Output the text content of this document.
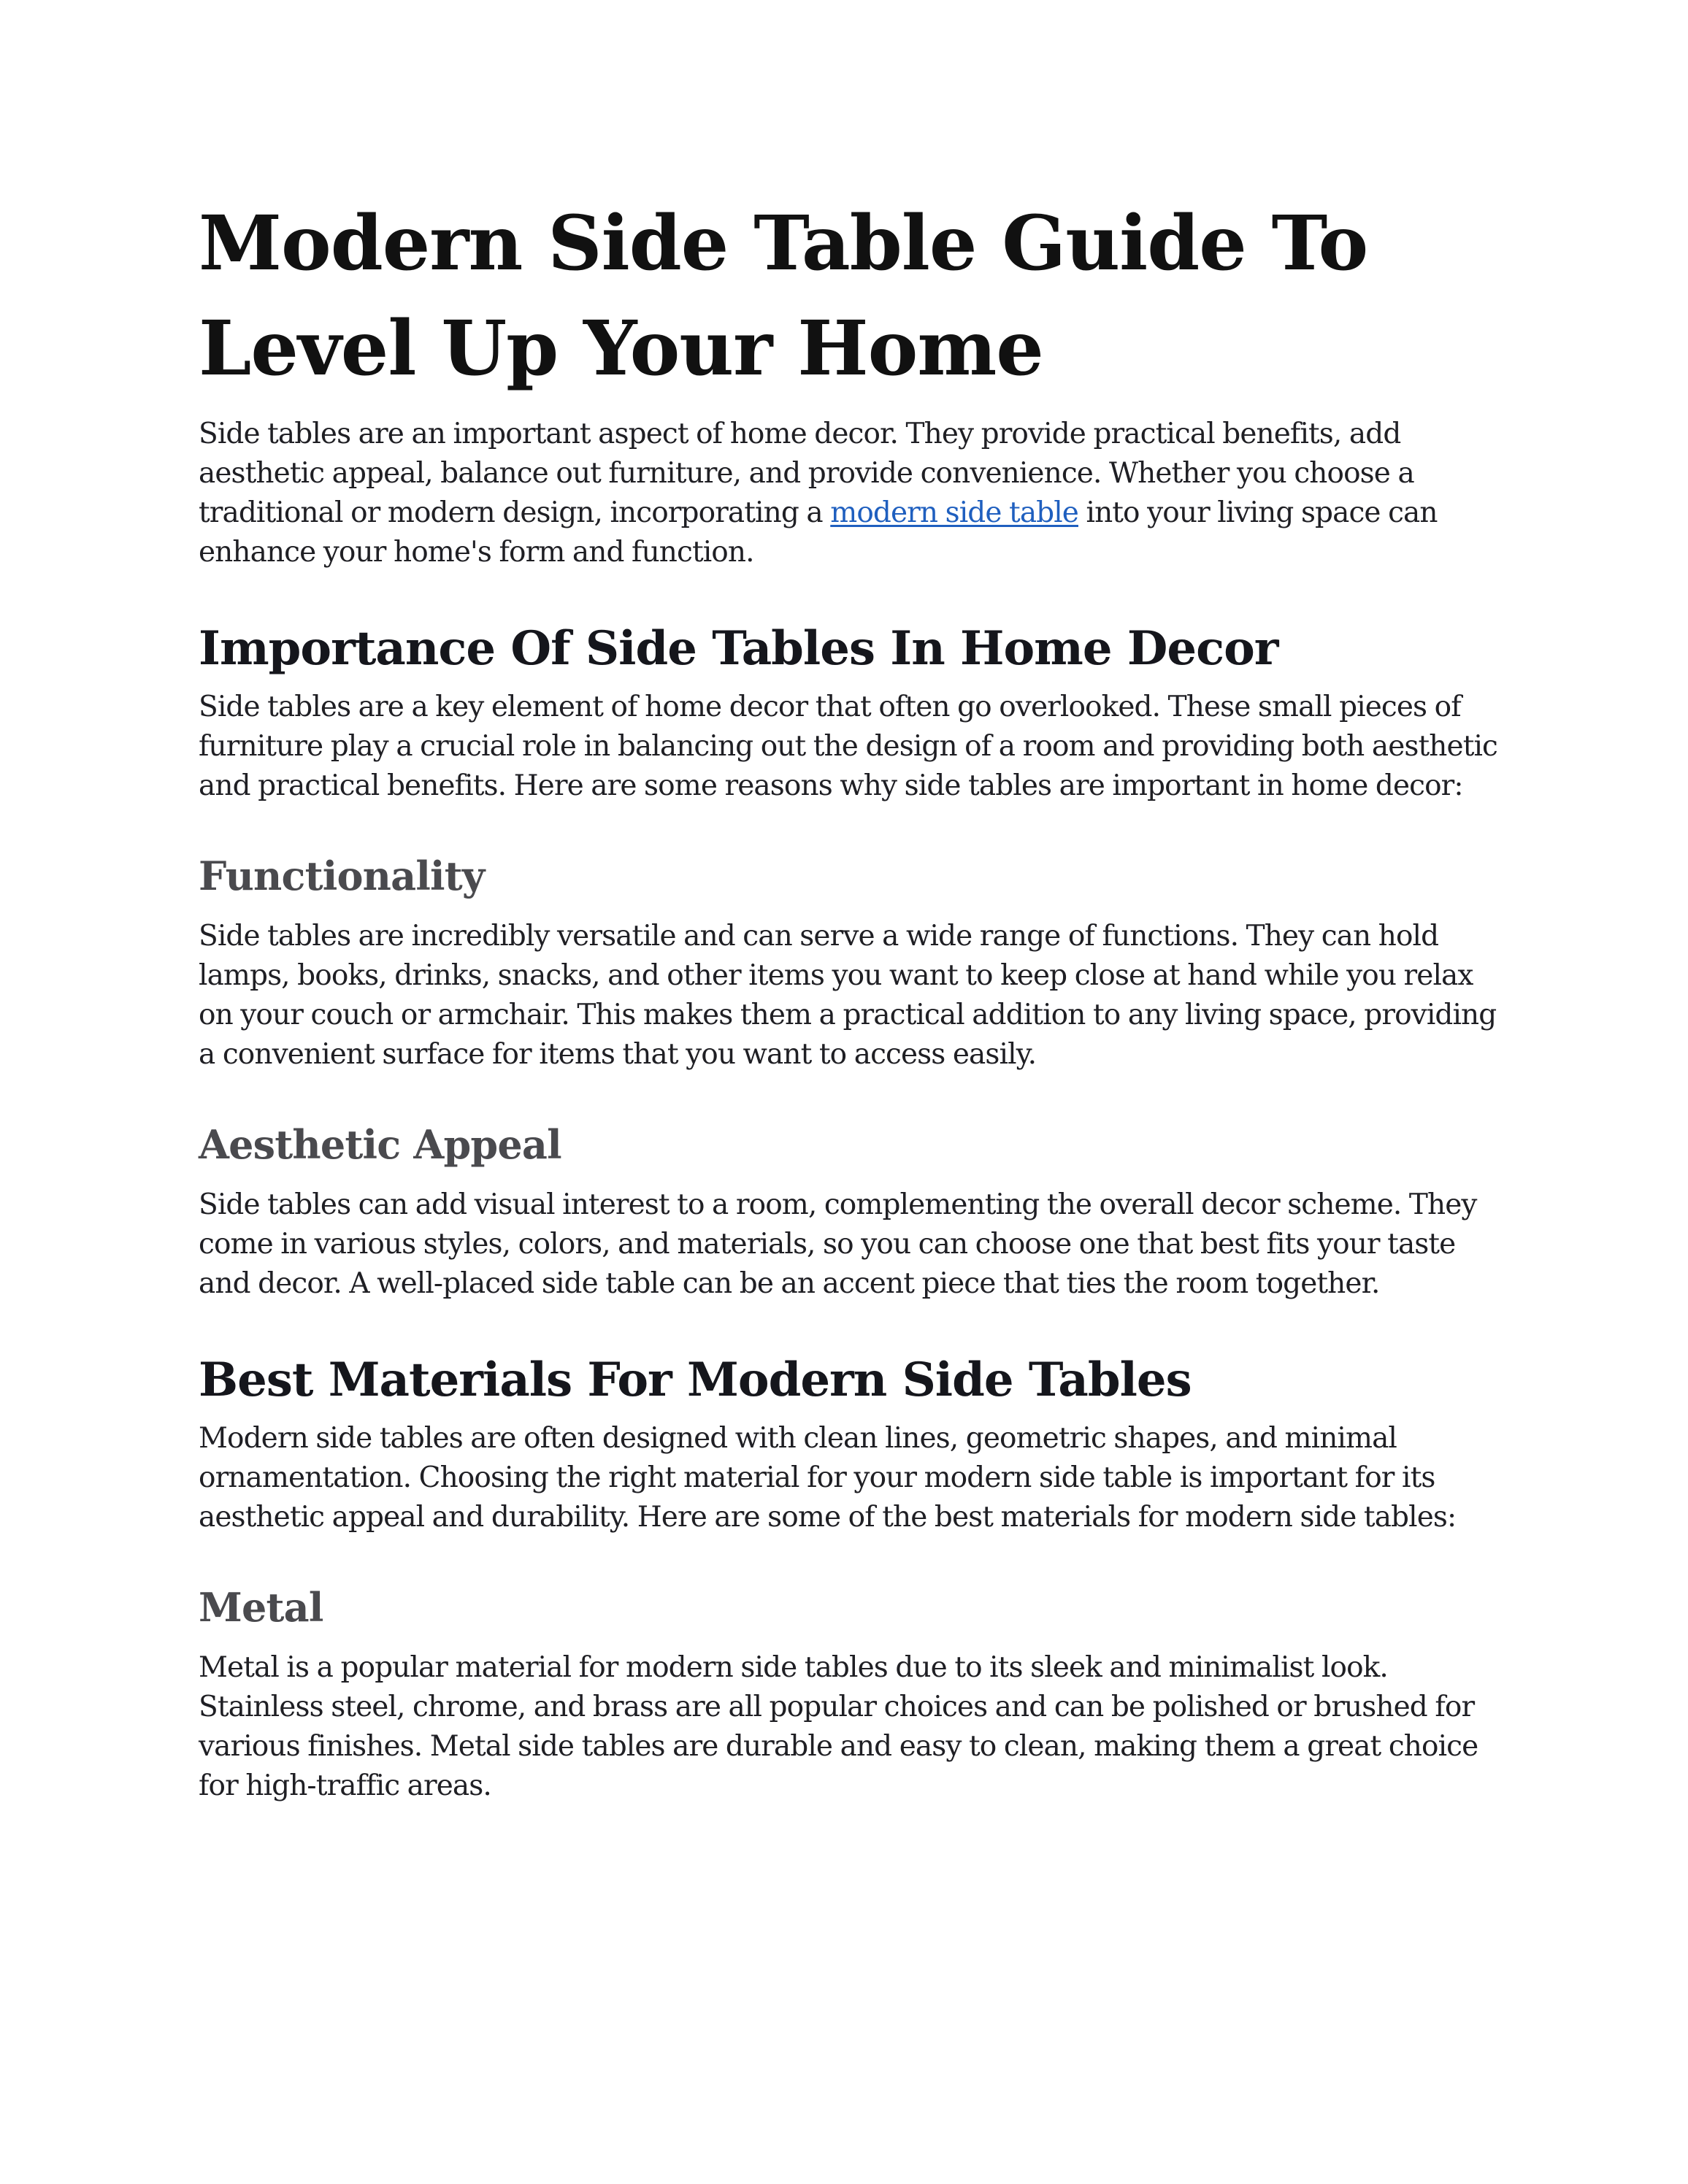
Modern Side Table Guide To Level Up Your Home

Side tables are an important aspect of home decor. They provide practical benefits, add aesthetic appeal, balance out furniture, and provide convenience. Whether you choose a traditional or modern design, incorporating a modern side table into your living space can enhance your home's form and function.

Importance Of Side Tables In Home Decor

Side tables are a key element of home decor that often go overlooked. These small pieces of furniture play a crucial role in balancing out the design of a room and providing both aesthetic and practical benefits. Here are some reasons why side tables are important in home decor:

Functionality

Side tables are incredibly versatile and can serve a wide range of functions. They can hold lamps, books, drinks, snacks, and other items you want to keep close at hand while you relax on your couch or armchair. This makes them a practical addition to any living space, providing a convenient surface for items that you want to access easily.

Aesthetic Appeal

Side tables can add visual interest to a room, complementing the overall decor scheme. They come in various styles, colors, and materials, so you can choose one that best fits your taste and decor. A well-placed side table can be an accent piece that ties the room together.

Best Materials For Modern Side Tables

Modern side tables are often designed with clean lines, geometric shapes, and minimal ornamentation. Choosing the right material for your modern side table is important for its aesthetic appeal and durability. Here are some of the best materials for modern side tables:

Metal

Metal is a popular material for modern side tables due to its sleek and minimalist look. Stainless steel, chrome, and brass are all popular choices and can be polished or brushed for various finishes. Metal side tables are durable and easy to clean, making them a great choice for high-traffic areas.
